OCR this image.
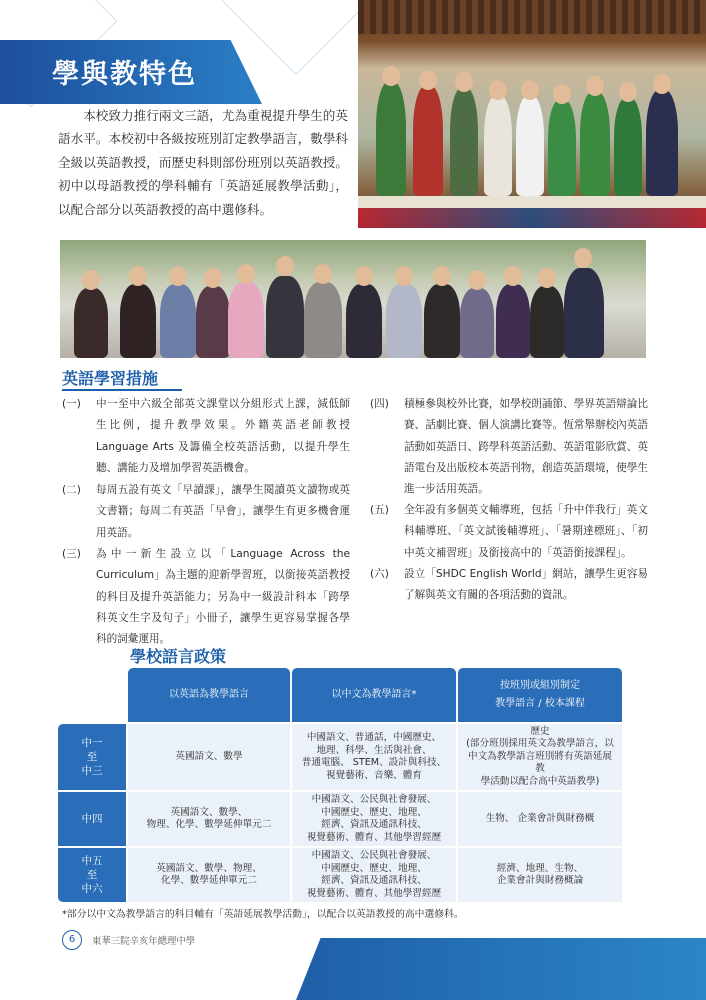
學與教特色
本校致力推行兩文三語，尤為重視提升學生的英語水平。本校初中各級按班別訂定教學語言，數學科全級以英語教授，而歷史科則部份班別以英語教授。初中以母語教授的學科輔有「英語延展教學活動」，以配合部分以英語教授的高中選修科。
英語學習措施
(一) 中一至中六級全部英文課堂以分組形式上課，減低師生比例，提升教學效果。外籍英語老師教授 Language Arts 及籌備全校英語活動，以提升學生聽、講能力及增加學習英語機會。
(二) 每周五設有英文「早讀課」，讓學生閱讀英文讀物或英文書籍；每周二有英語「早會」，讓學生有更多機會運用英語。
(三) 為中一新生設立以「Language Across the Curriculum」為主題的迎新學習班，以銜接英語教授的科目及提升英語能力；另為中一級設計科本「跨學科英文生字及句子」小冊子，讓學生更容易掌握各學科的詞彙運用。
(四) 積極參與校外比賽，如學校朗誦節、學界英語辯論比賽、話劇比賽、個人演講比賽等。恆常舉辦校內英語話動如英語日、跨學科英語活動、英語電影欣賞、英語電台及出版校本英語刊物，創造英語環境，使學生進一步活用英語。
(五) 全年設有多個英文輔導班，包括「升中伴我行」英文科輔導班、「英文試後輔導班」、「暑期達標班」、「初中英文補習班」及銜接高中的「英語銜接課程」。
(六) 設立「SHDC English World」網站，讓學生更容易了解與英文有關的各項活動的資訊。
學校語言政策
以英語為教學語言	以中文為教學語言*
按班別或組別制定
教學語言 / 校本課程
中一
至
中三
英國語文、數學
中國語文、普通話，中國歷史、
地理、科學、生活與社會、
普通電腦、 STEM、設計與科技、
視覺藝術、音樂、體育
歷史
(部分班別採用英文為教學語言，以
中文為教學語言班別將有英語延展教
學活動以配合高中英語教學)
中四
英國語文、數學、
物理、化學、數學延伸單元二
中國語文、公民與社會發展、
中國歷史、歷史、地理、
經濟、資訊及通訊科技、
視覺藝術、體育、其他學習經歷
生物、 企業會計與財務概
中五
至
中六
英國語文、數學、物理、
化學、數學延伸單元二
中國語文、公民與社會發展、
中國歷史、歷史、地理、
經濟、資訊及通訊科技、
視覺藝術、體育、其他學習經歷
經濟、地理、生物、
企業會計與財務概論
*部分以中文為教學語言的科目輔有「英語延展教學活動」，以配合以英語教授的高中選修科。
6	東華三院辛亥年總理中學
